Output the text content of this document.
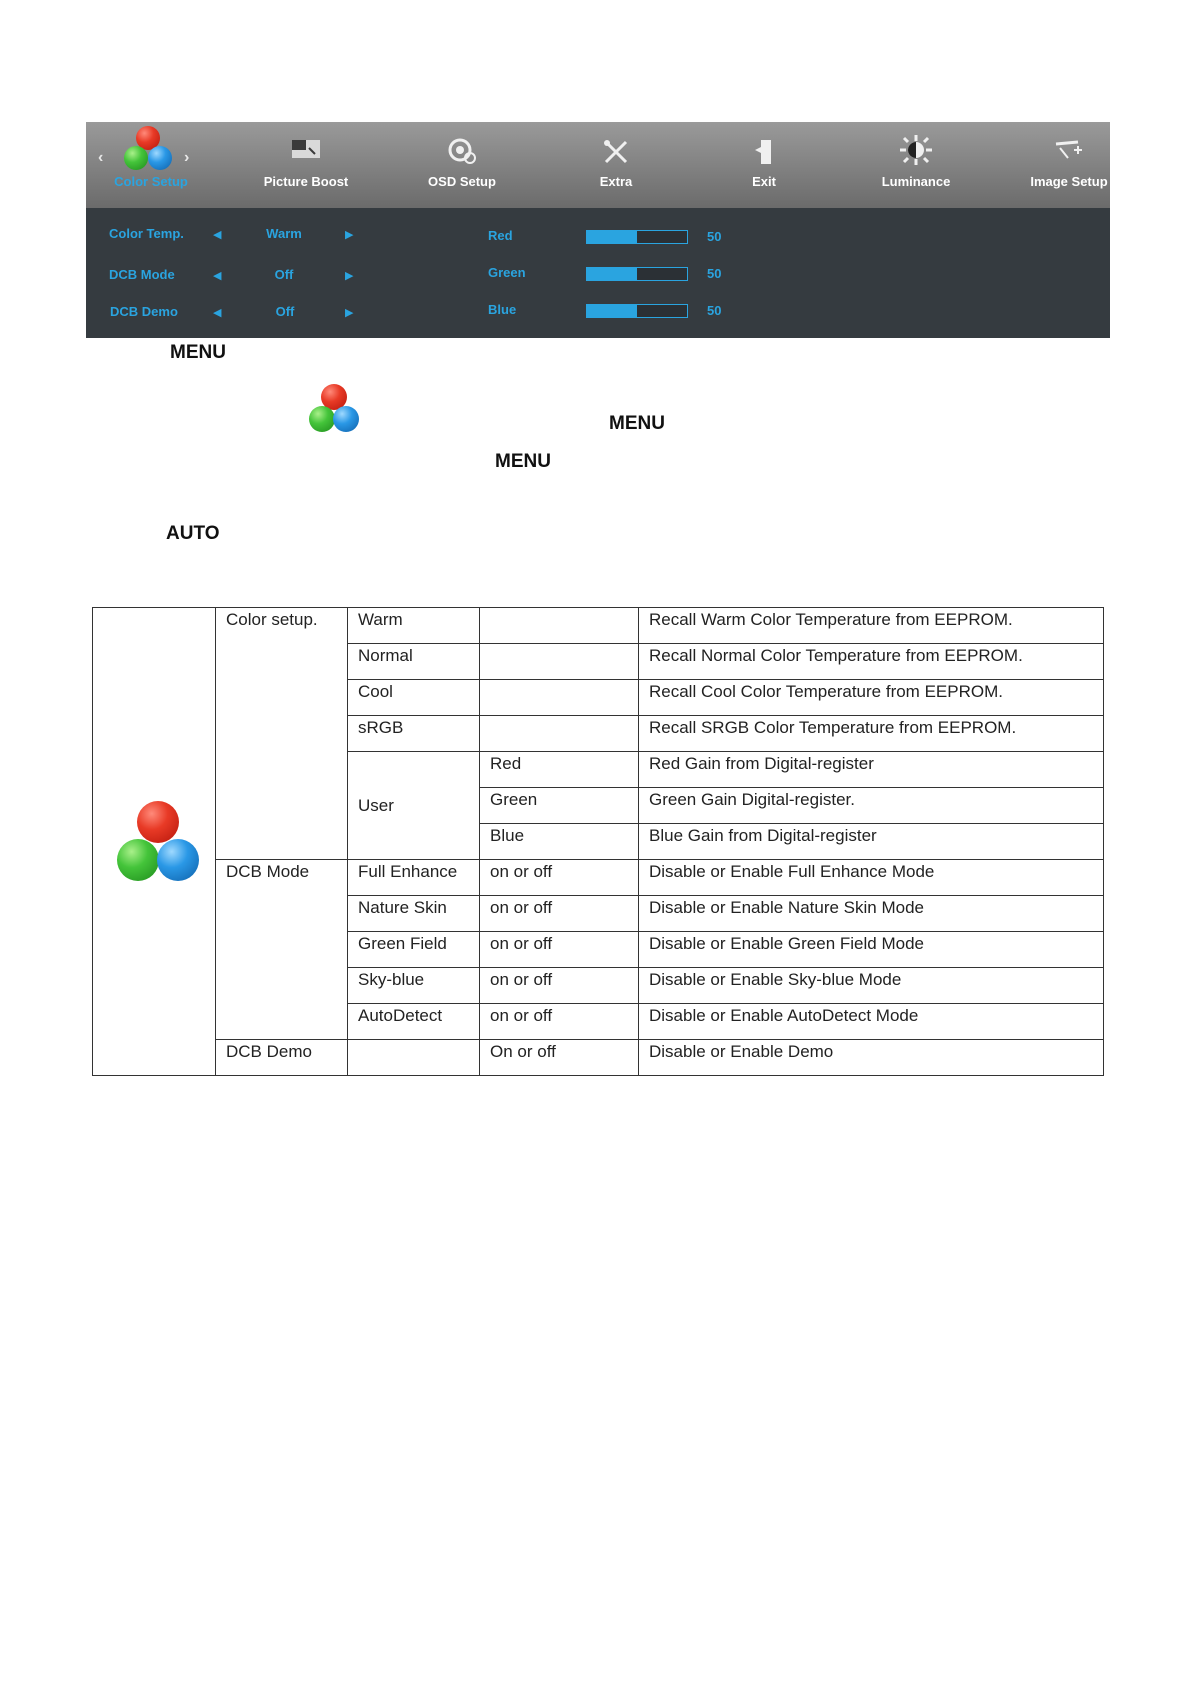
‹	›
Color Setup	Picture Boost	OSD Setup	Extra	Exit	Luminance	Image Setup
Color Temp.	◀	Warm	▶
DCB Mode	◀	Off	▶
DCB Demo	◀	Off	▶
Red	50
Green	50
Blue	50
MENU
MENU
MENU
AUTO
	Color setup.	Warm		Recall Warm Color Temperature from EEPROM.
		Normal		Recall Normal Color Temperature from EEPROM.
		Cool		Recall Cool Color Temperature from EEPROM.
		sRGB		Recall SRGB Color Temperature from EEPROM.
		User	Red	Red Gain from Digital-register
			Green	Green Gain Digital-register.
			Blue	Blue Gain from Digital-register
	DCB Mode	Full Enhance	on or off	Disable or Enable Full Enhance Mode
		Nature Skin	on or off	Disable or Enable Nature Skin Mode
		Green Field	on or off	Disable or Enable Green Field Mode
		Sky-blue	on or off	Disable or Enable Sky-blue Mode
		AutoDetect	on or off	Disable or Enable AutoDetect Mode
	DCB Demo		On or off	Disable or Enable Demo
